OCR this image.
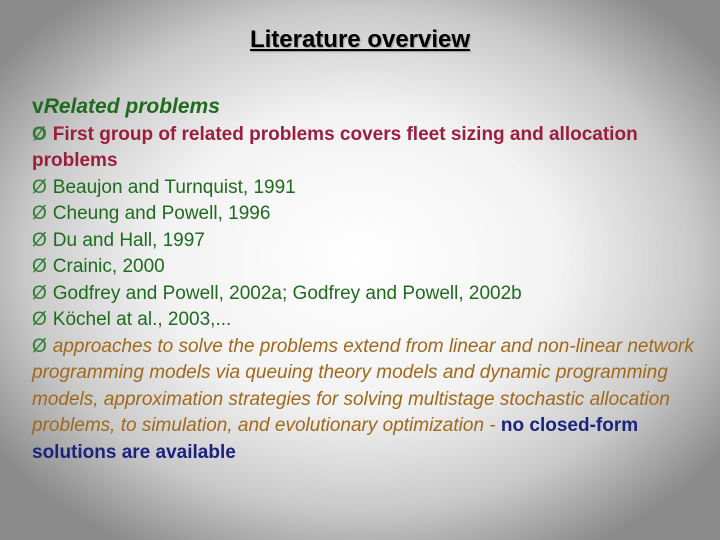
Literature overview
vRelated problems
Ø First group of related problems covers fleet sizing and allocation problems
Ø Beaujon and Turnquist, 1991
Ø Cheung and Powell, 1996
Ø Du and Hall, 1997
Ø Crainic, 2000
Ø Godfrey and Powell, 2002a; Godfrey and Powell, 2002b
Ø Köchel at al., 2003,...
Ø approaches to solve the problems extend from linear and non-linear network programming models via queuing theory models and dynamic programming models, approximation strategies for solving multistage stochastic allocation problems, to simulation, and evolutionary optimization - no closed-form solutions are available
